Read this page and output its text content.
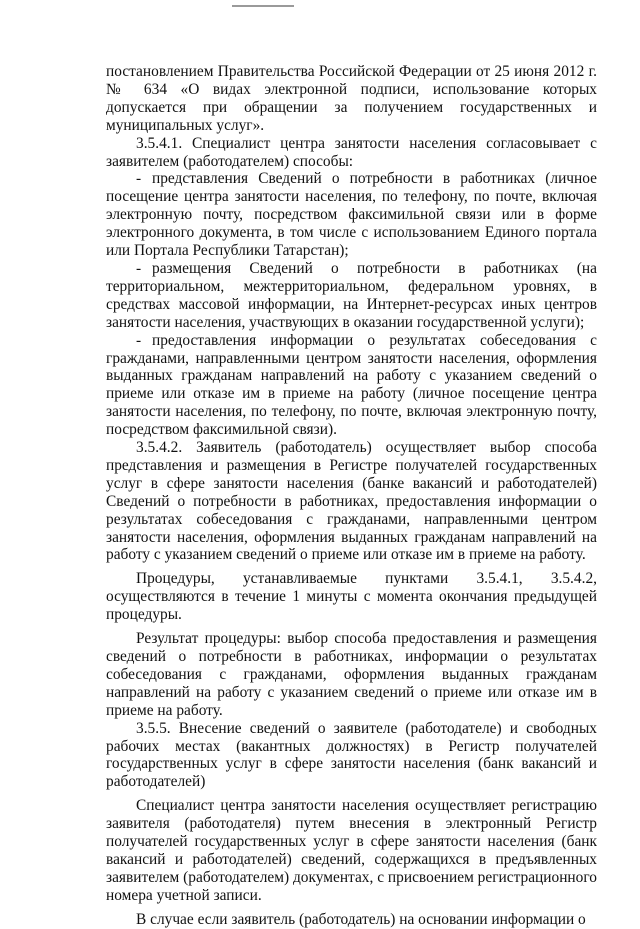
постановлением Правительства Российской Федерации от 25 июня 2012 г. № 634 «О видах электронной подписи, использование которых допускается при обращении за получением государственных и муниципальных услуг».

3.5.4.1. Специалист центра занятости населения согласовывает с заявителем (работодателем) способы:

- представления Сведений о потребности в работниках (личное посещение центра занятости населения, по телефону, по почте, включая электронную почту, посредством факсимильной связи или в форме электронного документа, в том числе с использованием Единого портала или Портала Республики Татарстан);

- размещения Сведений о потребности в работниках (на территориальном, межтерриториальном, федеральном уровнях, в средствах массовой информации, на Интернет-ресурсах иных центров занятости населения, участвующих в оказании государственной услуги);

- предоставления информации о результатах собеседования с гражданами, направленными центром занятости населения, оформления выданных гражданам направлений на работу с указанием сведений о приеме или отказе им в приеме на работу (личное посещение центра занятости населения, по телефону, по почте, включая электронную почту, посредством факсимильной связи).

3.5.4.2. Заявитель (работодатель) осуществляет выбор способа представления и размещения в Регистре получателей государственных услуг в сфере занятости населения (банке вакансий и работодателей) Сведений о потребности в работниках, предоставления информации о результатах собеседования с гражданами, направленными центром занятости населения, оформления выданных гражданам направлений на работу с указанием сведений о приеме или отказе им в приеме на работу.

Процедуры, устанавливаемые пунктами 3.5.4.1, 3.5.4.2, осуществляются в течение 1 минуты с момента окончания предыдущей процедуры.

Результат процедуры: выбор способа предоставления и размещения сведений о потребности в работниках, информации о результатах собеседования с гражданами, оформления выданных гражданам направлений на работу с указанием сведений о приеме или отказе им в приеме на работу.

3.5.5. Внесение сведений о заявителе (работодателе) и свободных рабочих местах (вакантных должностях) в Регистр получателей государственных услуг в сфере занятости населения (банк вакансий и работодателей)

Специалист центра занятости населения осуществляет регистрацию заявителя (работодателя) путем внесения в электронный Регистр получателей государственных услуг в сфере занятости населения (банк вакансий и работодателей) сведений, содержащихся в предъявленных заявителем (работодателем) документах, с присвоением регистрационного номера учетной записи.

В случае если заявитель (работодатель) на основании информации о
